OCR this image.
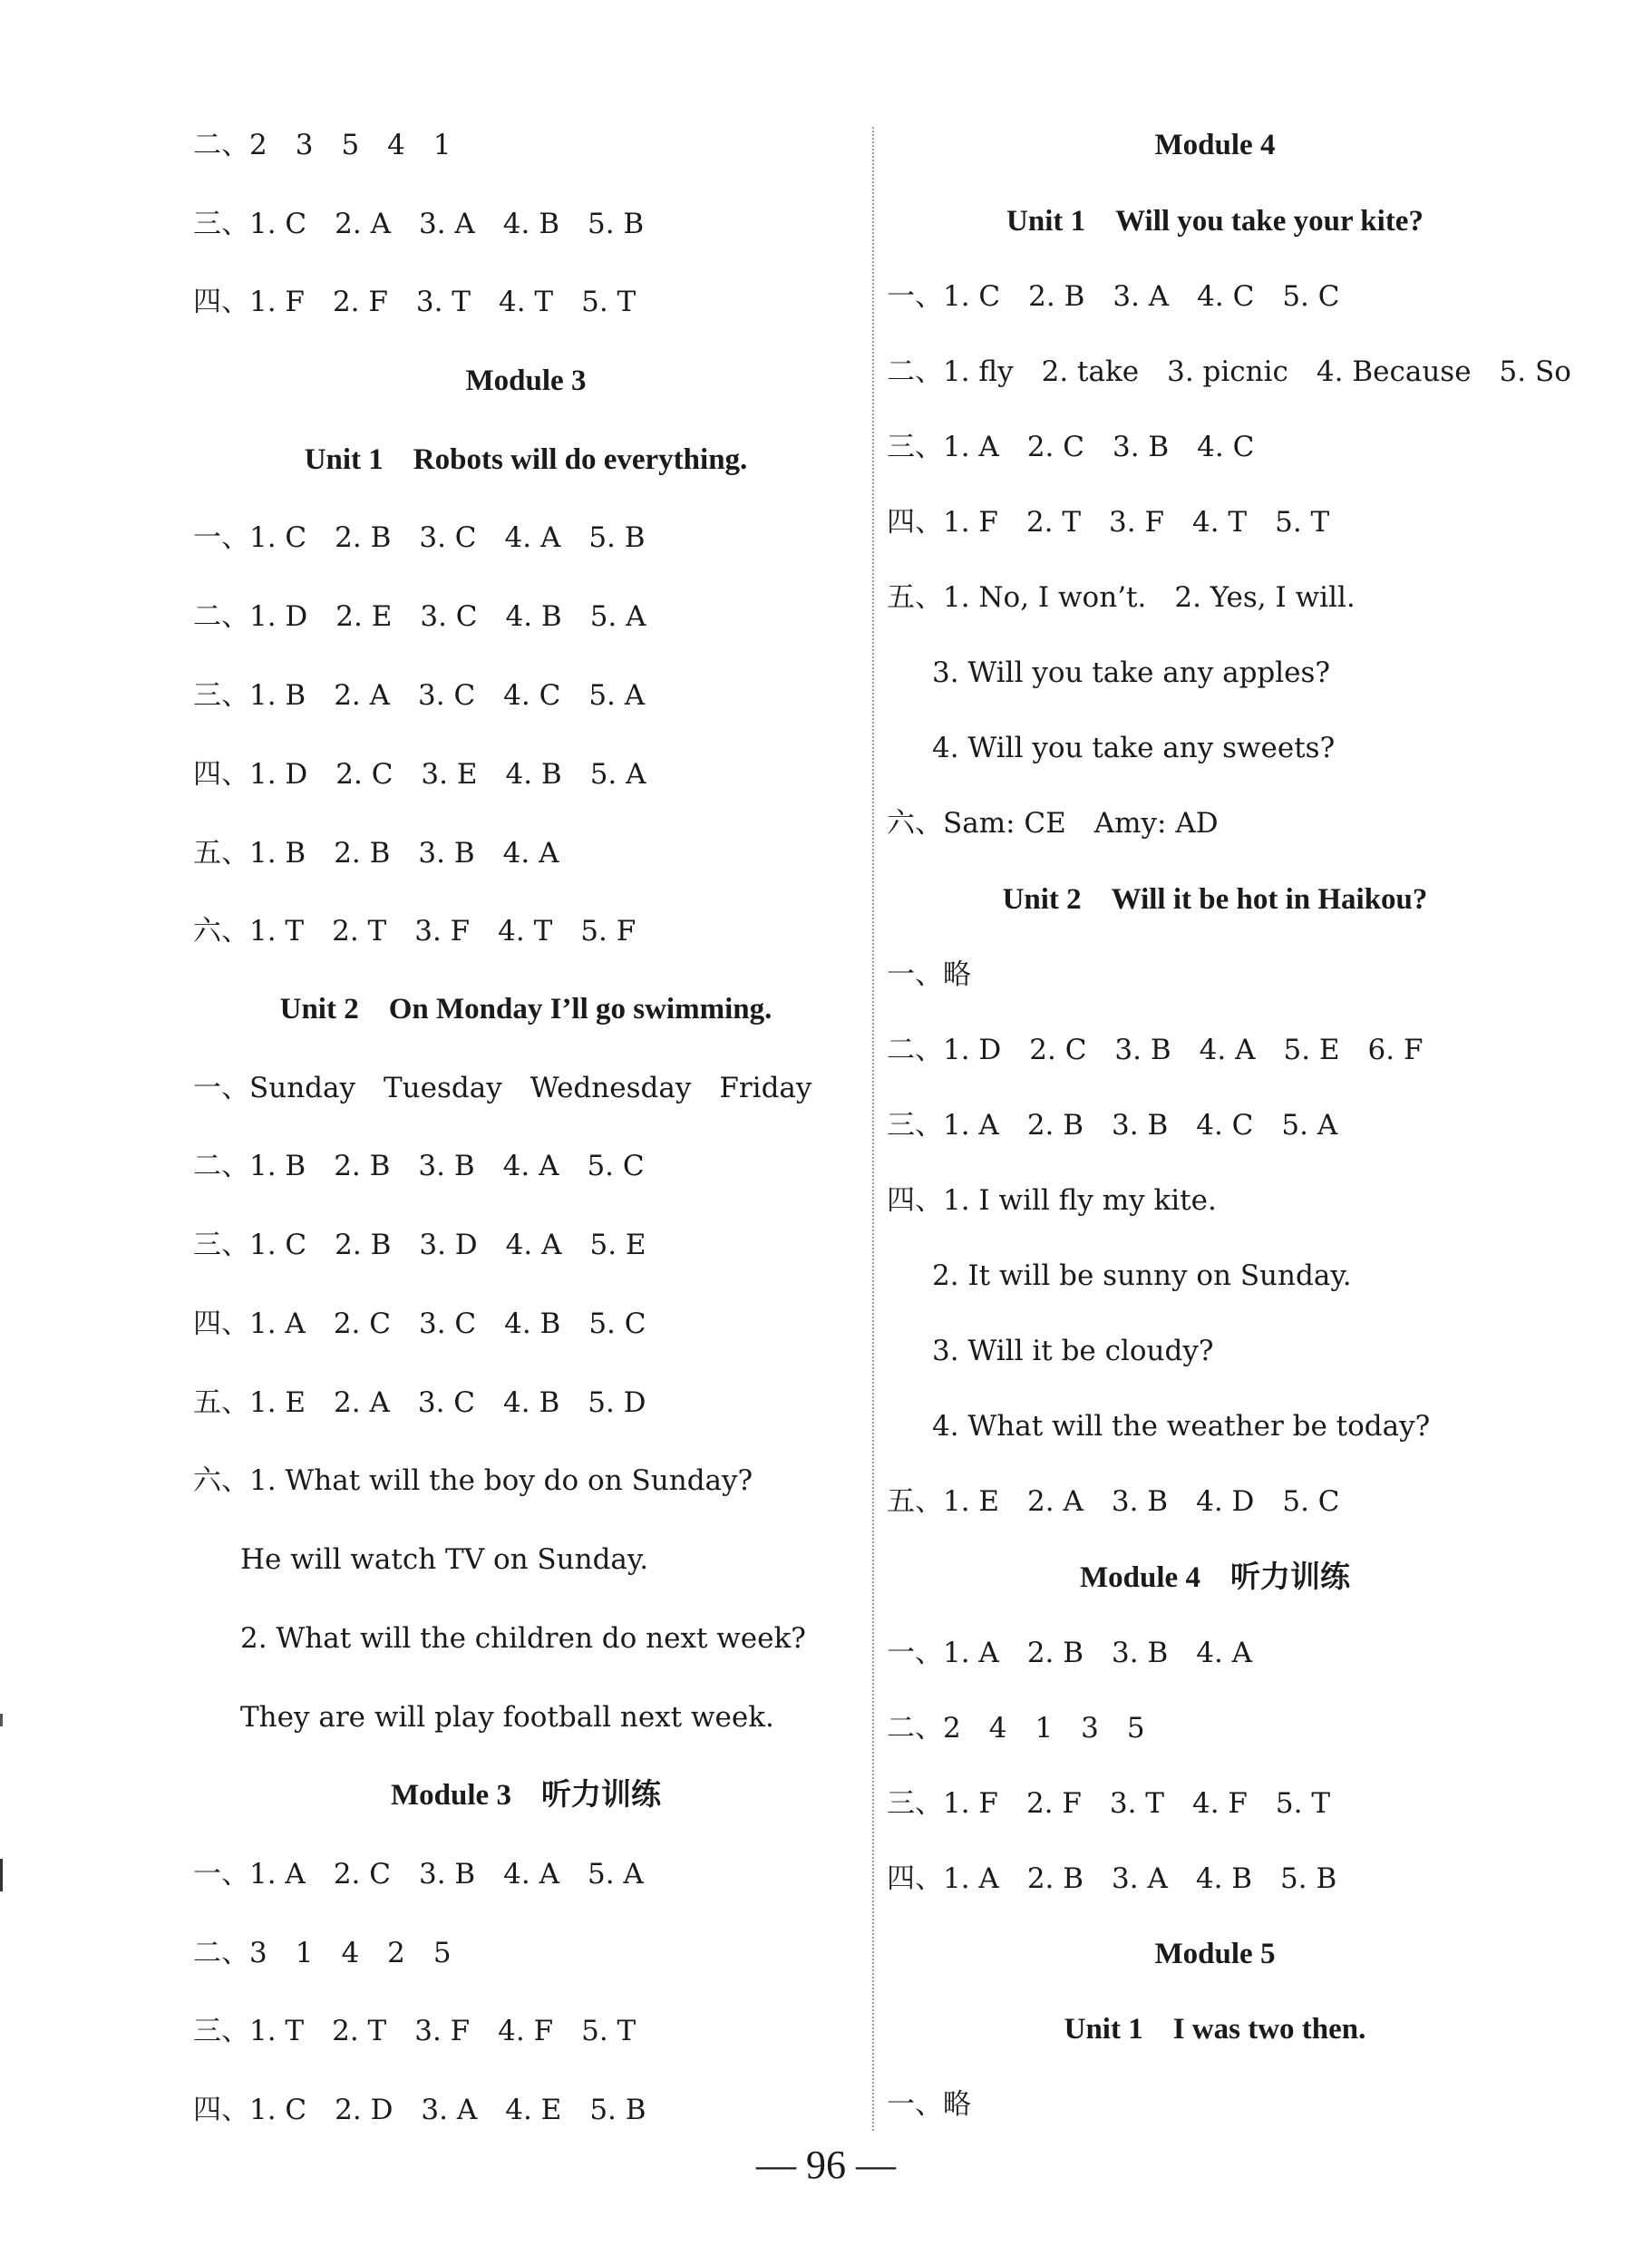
二、2　3　5　4　1
三、1. C　2. A　3. A　4. B　5. B
四、1. F　2. F　3. T　4. T　5. T
Module 3
Unit 1　Robots will do everything.
一、1. C　2. B　3. C　4. A　5. B
二、1. D　2. E　3. C　4. B　5. A
三、1. B　2. A　3. C　4. C　5. A
四、1. D　2. C　3. E　4. B　5. A
五、1. B　2. B　3. B　4. A
六、1. T　2. T　3. F　4. T　5. F
Unit 2　On Monday I’ll go swimming.
一、Sunday　Tuesday　Wednesday　Friday
二、1. B　2. B　3. B　4. A　5. C
三、1. C　2. B　3. D　4. A　5. E
四、1. A　2. C　3. C　4. B　5. C
五、1. E　2. A　3. C　4. B　5. D
六、1. What will the boy do on Sunday?
He will watch TV on Sunday.
2. What will the children do next week?
They are will play football next week.
Module 3　听力训练
一、1. A　2. C　3. B　4. A　5. A
二、3　1　4　2　5
三、1. T　2. T　3. F　4. F　5. T
四、1. C　2. D　3. A　4. E　5. B
Module 4
Unit 1　Will you take your kite?
一、1. C　2. B　3. A　4. C　5. C
二、1. fly　2. take　3. picnic　4. Because　5. So
三、1. A　2. C　3. B　4. C
四、1. F　2. T　3. F　4. T　5. T
五、1. No, I won’t.　2. Yes, I will.
3. Will you take any apples?
4. Will you take any sweets?
六、Sam: CE　Amy: AD
Unit 2　Will it be hot in Haikou?
一、略
二、1. D　2. C　3. B　4. A　5. E　6. F
三、1. A　2. B　3. B　4. C　5. A
四、1. I will fly my kite.
2. It will be sunny on Sunday.
3. Will it be cloudy?
4. What will the weather be today?
五、1. E　2. A　3. B　4. D　5. C
Module 4　听力训练
一、1. A　2. B　3. B　4. A
二、2　4　1　3　5
三、1. F　2. F　3. T　4. F　5. T
四、1. A　2. B　3. A　4. B　5. B
Module 5
Unit 1　I was two then.
一、略
— 96 —
